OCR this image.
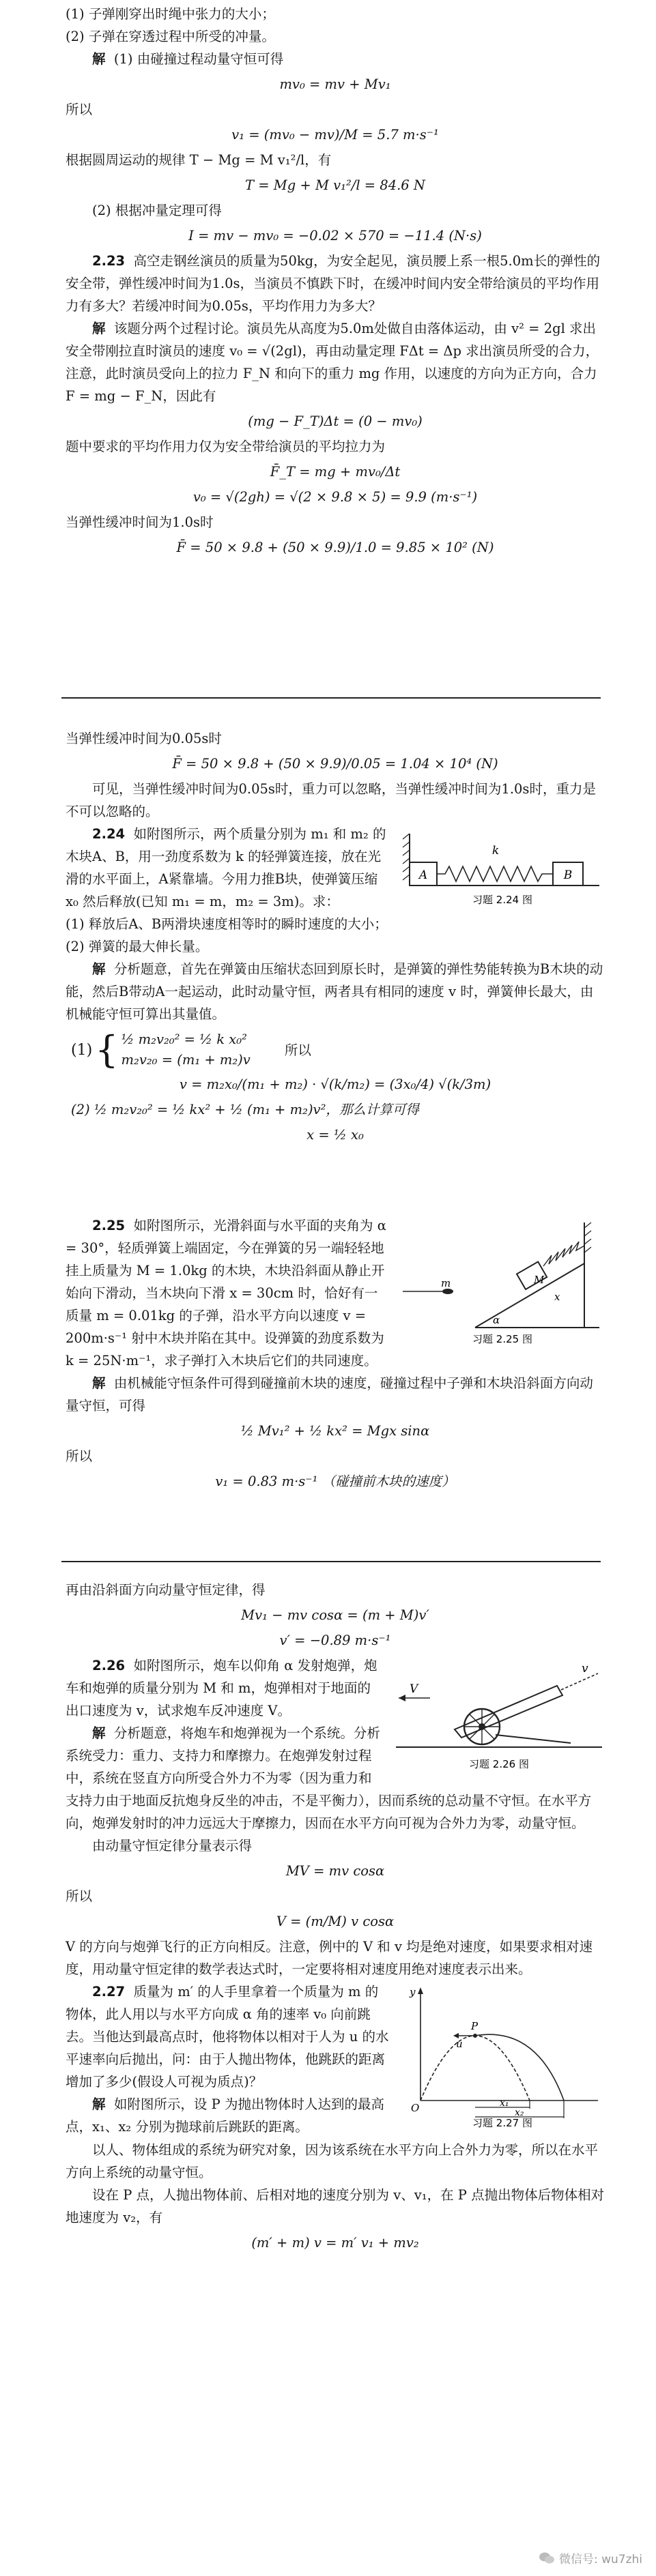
(1) 子弹刚穿出时绳中张力的大小；

(2) 子弹在穿透过程中所受的冲量。

解 (1) 由碰撞过程动量守恒可得

mv₀ = mv + Mv₁

所以

v₁ = (mv₀ − mv)/M = 5.7 m·s⁻¹

根据圆周运动的规律 T − Mg = M v₁²/l，有

T = Mg + M v₁²/l = 84.6 N

(2) 根据冲量定理可得

I = mv − mv₀ = −0.02 × 570 = −11.4 (N·s)

2.23 高空走钢丝演员的质量为50kg，为安全起见，演员腰上系一根5.0m长的弹性的安全带，弹性缓冲时间为1.0s，当演员不慎跌下时，在缓冲时间内安全带给演员的平均作用力有多大？若缓冲时间为0.05s，平均作用力为多大？

解 该题分两个过程讨论。演员先从高度为5.0m处做自由落体运动，由 v² = 2gl 求出安全带刚拉直时演员的速度 v₀ = √(2gl)，再由动量定理 FΔt = Δp 求出演员所受的合力，注意，此时演员受向上的拉力 F_N 和向下的重力 mg 作用，以速度的方向为正方向，合力 F = mg − F_N，因此有

(mg − F_T)Δt = (0 − mv₀)

题中要求的平均作用力仅为安全带给演员的平均拉力为

F̄_T = mg + mv₀/Δt

v₀ = √(2gh) = √(2 × 9.8 × 5) = 9.9 (m·s⁻¹)

当弹性缓冲时间为1.0s时

F̄ = 50 × 9.8 + (50 × 9.9)/1.0 = 9.85 × 10² (N)

当弹性缓冲时间为0.05s时

F̄ = 50 × 9.8 + (50 × 9.9)/0.05 = 1.04 × 10⁴ (N)

可见，当弹性缓冲时间为0.05s时，重力可以忽略，当弹性缓冲时间为1.0s时，重力是不可以忽略的。

A
k
B
习题 2.24 图

2.24 如附图所示，两个质量分别为 m₁ 和 m₂ 的木块A、B，用一劲度系数为 k 的轻弹簧连接，放在光滑的水平面上，A紧靠墙。今用力推B块，使弹簧压缩 x₀ 然后释放(已知 m₁ = m，m₂ = 3m)。求：

(1) 释放后A、B两滑块速度相等时的瞬时速度的大小；

(2) 弹簧的最大伸长量。

解 分析题意，首先在弹簧由压缩状态回到原长时，是弹簧的弹性势能转换为B木块的动能，然后B带动A一起运动，此时动量守恒，两者具有相同的速度 v 时，弹簧伸长最大，由机械能守恒可算出其量值。

(1) { ½ m₂v₂₀² = ½ k x₀²
m₂v₂₀ = (m₁ + m₂)v
所以

v = m₂x₀/(m₁ + m₂) · √(k/m₂) = (3x₀/4) √(k/3m)

(2) ½ m₂v₂₀² = ½ kx² + ½ (m₁ + m₂)v²，那么计算可得

x = ½ x₀

M
m
α
x
习题 2.25 图

2.25 如附图所示，光滑斜面与水平面的夹角为 α = 30°，轻质弹簧上端固定，今在弹簧的另一端轻轻地挂上质量为 M = 1.0kg 的木块，木块沿斜面从静止开始向下滑动，当木块向下滑 x = 30cm 时，恰好有一质量 m = 0.01kg 的子弹，沿水平方向以速度 v = 200m·s⁻¹ 射中木块并陷在其中。设弹簧的劲度系数为 k = 25N·m⁻¹，求子弹打入木块后它们的共同速度。

解 由机械能守恒条件可得到碰撞前木块的速度，碰撞过程中子弹和木块沿斜面方向动量守恒，可得

½ Mv₁² + ½ kx² = Mgx sinα

所以

v₁ = 0.83 m·s⁻¹ （碰撞前木块的速度）

再由沿斜面方向动量守恒定律，得

Mv₁ − mv cosα = (m + M)v′

v′ = −0.89 m·s⁻¹

V
v
习题 2.26 图

2.26 如附图所示，炮车以仰角 α 发射炮弹，炮车和炮弹的质量分别为 M 和 m，炮弹相对于地面的出口速度为 v，试求炮车反冲速度 V。

解 分析题意，将炮车和炮弹视为一个系统。分析系统受力：重力、支持力和摩擦力。在炮弹发射过程中，系统在竖直方向所受合外力不为零（因为重力和支持力由于地面反抗炮身反坐的冲击，不是平衡力），因而系统的总动量不守恒。在水平方向，炮弹发射时的冲力远远大于摩擦力，因而在水平方向可视为合外力为零，动量守恒。

由动量守恒定律分量表示得

MV = mv cosα

所以

V = (m/M) v cosα

V 的方向与炮弹飞行的正方向相反。注意，例中的 V 和 v 均是绝对速度，如果要求相对速度，用动量守恒定律的数学表达式时，一定要将相对速度用绝对速度表示出来。

y
O
P
u
x₁
x₂
习题 2.27 图

2.27 质量为 m′ 的人手里拿着一个质量为 m 的物体，此人用以与水平方向成 α 角的速率 v₀ 向前跳去。当他达到最高点时，他将物体以相对于人为 u 的水平速率向后抛出，问：由于人抛出物体，他跳跃的距离增加了多少(假设人可视为质点)？

解 如附图所示，设 P 为抛出物体时人达到的最高点，x₁、x₂ 分别为抛球前后跳跃的距离。

以人、物体组成的系统为研究对象，因为该系统在水平方向上合外力为零，所以在水平方向上系统的动量守恒。

设在 P 点，人抛出物体前、后相对地的速度分别为 v、v₁，在 P 点抛出物体后物体相对地速度为 v₂，有

(m′ + m) v = m′ v₁ + mv₂

微信号: wu7zhi
